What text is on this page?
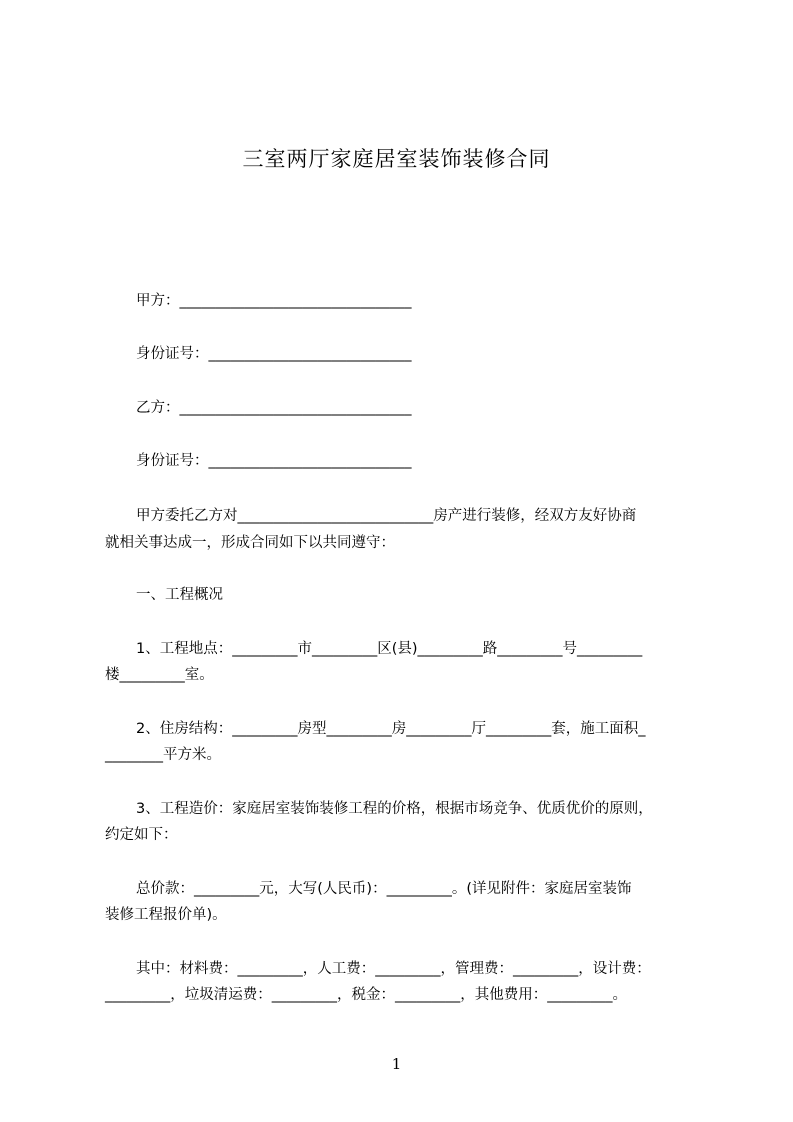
三室两厅家庭居室装饰装修合同
甲方：________________________________
身份证号：____________________________
乙方：________________________________
身份证号：____________________________
甲方委托乙方对___________________________房产进行装修，经双方友好协商
就相关事达成一，形成合同如下以共同遵守：
一、工程概况
1、工程地点：_________市_________区(县)_________路_________号_________
楼_________室。
2、住房结构：_________房型_________房_________厅_________套，施工面积_
________平方米。
3、工程造价：家庭居室装饰装修工程的价格，根据市场竞争、优质优价的原则，
约定如下：
总价款：_________元，大写(人民币)：_________。(详见附件：家庭居室装饰
装修工程报价单)。
其中：材料费：_________，人工费：_________，管理费：_________，设计费：
_________，垃圾清运费：_________，税金：_________，其他费用：_________。
1
